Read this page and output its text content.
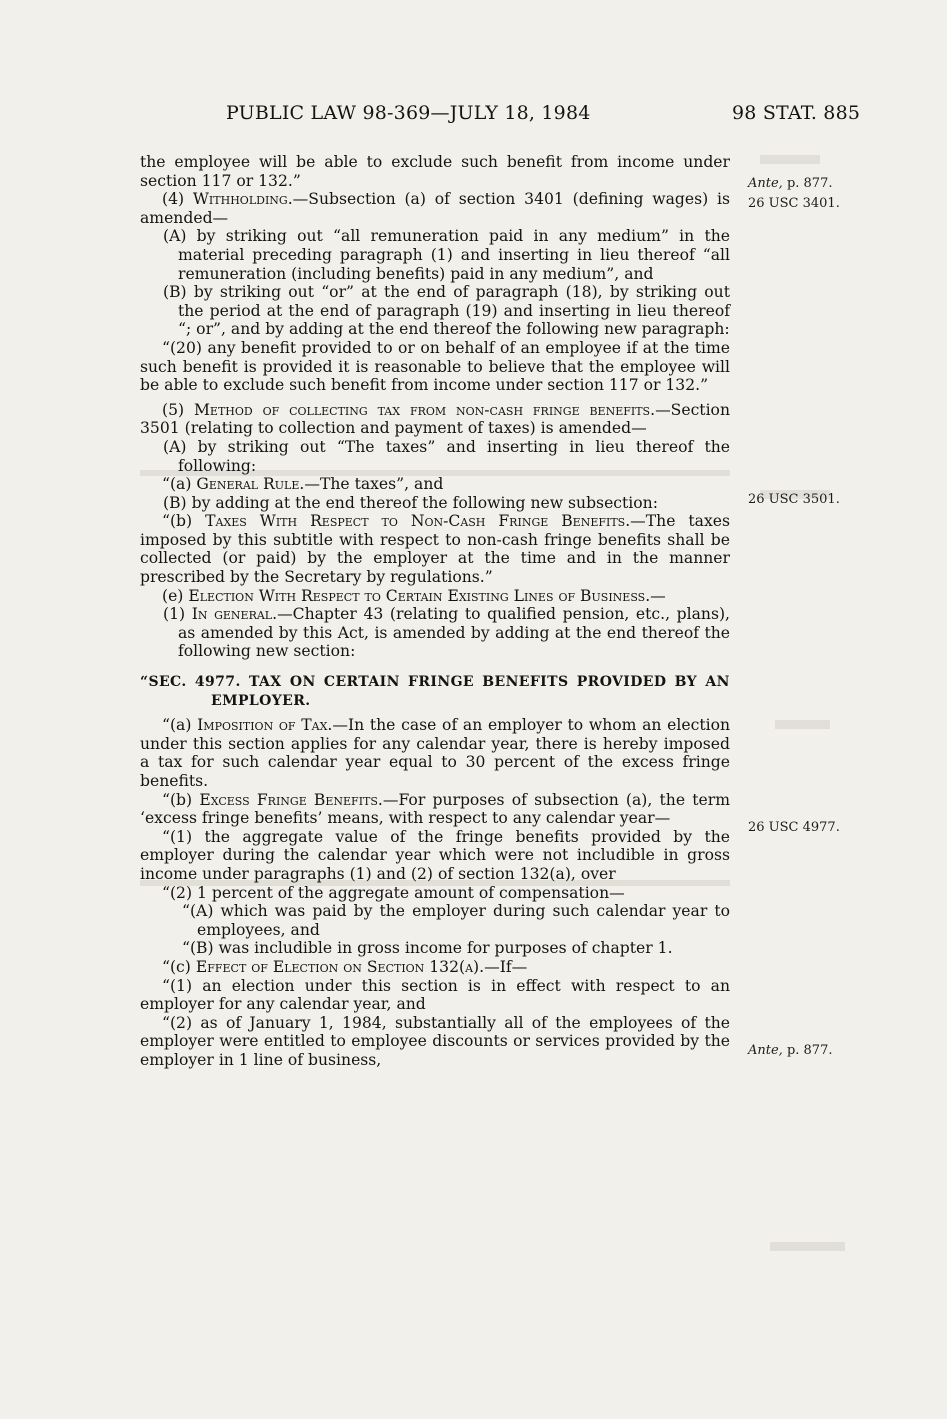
PUBLIC LAW 98-369—JULY 18, 1984	98 STAT. 885

the employee will be able to exclude such benefit from income under section 117 or 132.”

(4) Withholding.—Subsection (a) of section 3401 (defining wages) is amended—

(A) by striking out “all remuneration paid in any medium” in the material preceding paragraph (1) and inserting in lieu thereof “all remuneration (including benefits) paid in any medium”, and

(B) by striking out “or” at the end of paragraph (18), by striking out the period at the end of paragraph (19) and inserting in lieu thereof “; or”, and by adding at the end thereof the following new paragraph:

“(20) any benefit provided to or on behalf of an employee if at the time such benefit is provided it is reasonable to believe that the employee will be able to exclude such benefit from income under section 117 or 132.”

(5) Method of collecting tax from non-cash fringe benefits.—Section 3501 (relating to collection and payment of taxes) is amended—

(A) by striking out “The taxes” and inserting in lieu thereof the following:

“(a) General Rule.—The taxes”, and

(B) by adding at the end thereof the following new subsection:

“(b) Taxes With Respect to Non-Cash Fringe Benefits.—The taxes imposed by this subtitle with respect to non-cash fringe benefits shall be collected (or paid) by the employer at the time and in the manner prescribed by the Secretary by regulations.”

(e) Election With Respect to Certain Existing Lines of Business.—

(1) In general.—Chapter 43 (relating to qualified pension, etc., plans), as amended by this Act, is amended by adding at the end thereof the following new section:

“SEC. 4977. TAX ON CERTAIN FRINGE BENEFITS PROVIDED BY AN EMPLOYER.

“(a) Imposition of Tax.—In the case of an employer to whom an election under this section applies for any calendar year, there is hereby imposed a tax for such calendar year equal to 30 percent of the excess fringe benefits.

“(b) Excess Fringe Benefits.—For purposes of subsection (a), the term ‘excess fringe benefits’ means, with respect to any calendar year—

“(1) the aggregate value of the fringe benefits provided by the employer during the calendar year which were not includible in gross income under paragraphs (1) and (2) of section 132(a), over

“(2) 1 percent of the aggregate amount of compensation—

“(A) which was paid by the employer during such calendar year to employees, and

“(B) was includible in gross income for purposes of chapter 1.

“(c) Effect of Election on Section 132(a).—If—

“(1) an election under this section is in effect with respect to an employer for any calendar year, and

“(2) as of January 1, 1984, substantially all of the employees of the employer were entitled to employee discounts or services provided by the employer in 1 line of business,

Ante, p. 877.
26 USC 3401.
26 USC 3501.
26 USC 4977.
Ante, p. 877.
